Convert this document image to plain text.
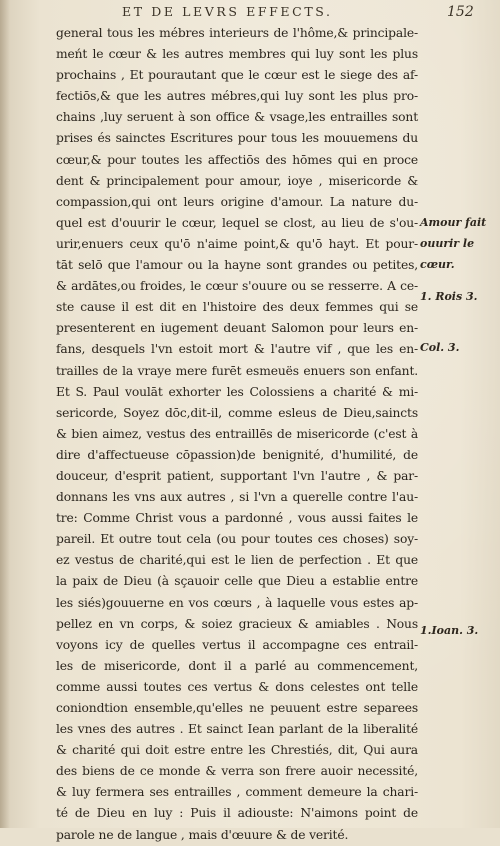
ET DE LEVRS EFFECTS.	152
general tous les mébres interieurs de l'hôme,& principale-
meńt le cœur & les autres membres qui luy sont les plus
prochains , Et pourautant que le cœur est le siege des af-
fectiōs,& que les autres mébres,qui luy sont les plus pro-
chains ,luy seruent à son office & vsage,les entrailles sont
prises és sainctes Escritures pour tous les mouuemens du
cœur,& pour toutes les affectiōs des hōmes qui en proce
dent & principalement pour amour, ioye , misericorde &
compassion,qui ont leurs origine d'amour. La nature du-
quel est d'ouurir le cœur, lequel se clost, au lieu de s'ou-
urir,enuers ceux qu'ō n'aime point,& qu'ō hayt. Et pour-
tāt selō que l'amour ou la hayne sont grandes ou petites,
& ardātes,ou froides, le cœur s'ouure ou se resserre. A ce-
ste cause il est dit en l'histoire des deux femmes qui se
presenterent en iugement deuant Salomon pour leurs en-
fans, desquels l'vn estoit mort & l'autre vif , que les en-
trailles de la vraye mere furēt esmeuës enuers son enfant.
Et S. Paul voulāt exhorter les Colossiens a charité & mi-
sericorde, Soyez dōc,dit-il, comme esleus de Dieu,saincts
& bien aimez, vestus des entraillēs de misericorde (c'est à
dire d'affectueuse cōpassion)de benignité, d'humilité, de
douceur, d'esprit patient, supportant l'vn l'autre , & par-
donnans les vns aux autres , si l'vn a querelle contre l'au-
tre: Comme Christ vous a pardonné , vous aussi faites le
pareil. Et outre tout cela (ou pour toutes ces choses) soy-
ez vestus de charité,qui est le lien de perfection . Et que
la paix de Dieu (à sçauoir celle que Dieu a establie entre
les siés)gouuerne en vos cœurs , à laquelle vous estes ap-
pellez en vn corps, & soiez gracieux & amiables . Nous
voyons icy de quelles vertus il accompagne ces entrail-
les de misericorde, dont il a parlé au commencement,
comme aussi toutes ces vertus & dons celestes ont telle
coniondtion ensemble,qu'elles ne peuuent estre separees
les vnes des autres . Et sainct Iean parlant de la liberalité
& charité qui doit estre entre les Chrestiés, dit, Qui aura
des biens de ce monde & verra son frere auoir necessité,
& luy fermera ses entrailles , comment demeure la chari-
té de Dieu en luy : Puis il adiouste: N'aimons point de
parole ne de langue , mais d'œuure & de verité.
Amour fait
ouurir le
cœur.
1. Rois 3.
Col. 3.
1.Ioan. 3.
